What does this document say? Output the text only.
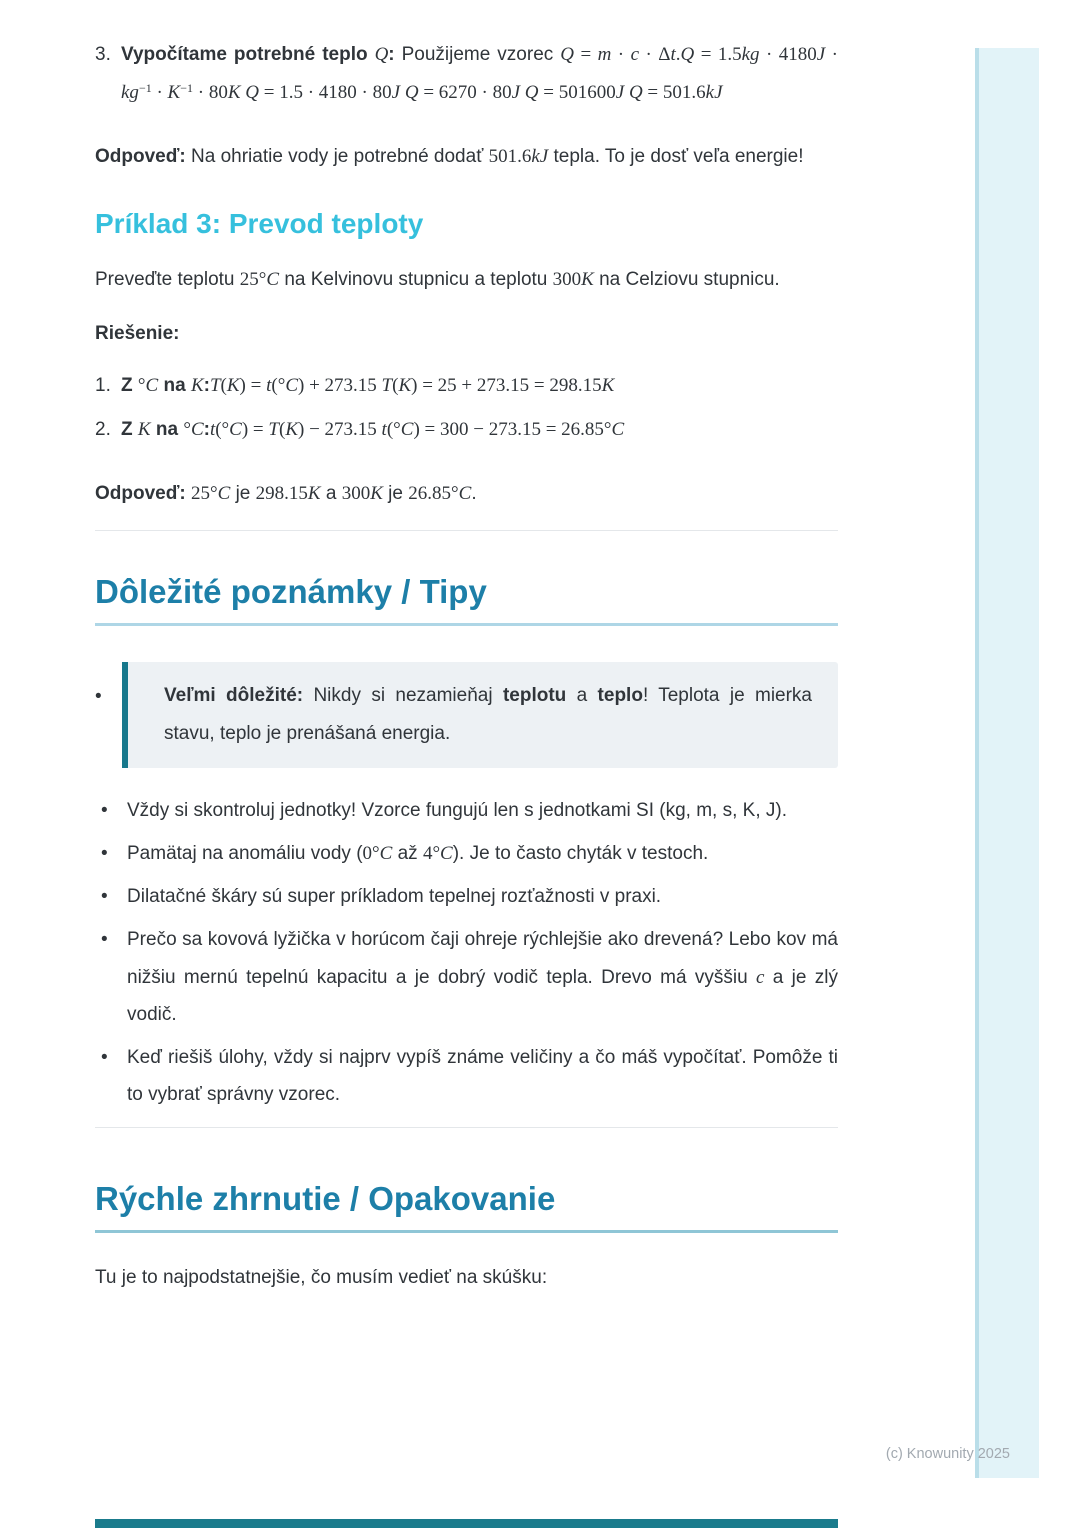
3. Vypočítame potrebné teplo Q: Použijeme vzorec $Q = m \cdot c \cdot \Delta t.Q = 1.5kg \cdot 4180J \cdot kg^{-1} \cdot K^{-1} \cdot 80K$ Q = 1.5 · 4180 · 80J Q = 6270 · 80J Q = 501600J Q = 501.6kJ

Odpoveď: Na ohriatie vody je potrebné dodať 501.6kJ tepla. To je dosť veľa energie!

Príklad 3: Prevod teploty

Preveďte teplotu 25°C na Kelvinovu stupnicu a teplotu 300K na Celziovu stupnicu.

Riešenie:

1. Z °C na K:T(K) = t(°C) + 273.15 T(K) = 25 + 273.15 = 298.15K
2. Z K na °C:t(°C) = T(K) − 273.15 t(°C) = 300 − 273.15 = 26.85°C

Odpoveď: 25°C je 298.15K a 300K je 26.85°C.

Dôležité poznámky / Tipy
•	Veľmi dôležité: Nikdy si nezamieňaj teplotu a teplo! Teplota je mierka stavu, teplo je prenášaná energia.
• Vždy si skontroluj jednotky! Vzorce fungujú len s jednotkami SI (kg, m, s, K, J).
• Pamätaj na anomáliu vody (0°C až 4°C). Je to často chyták v testoch.
• Dilatačné škáry sú super príkladom tepelnej rozťažnosti v praxi.
• Prečo sa kovová lyžička v horúcom čaji ohreje rýchlejšie ako drevená? Lebo kov má nižšiu mernú tepelnú kapacitu a je dobrý vodič tepla. Drevo má vyššiu c a je zlý vodič.
• Keď riešiš úlohy, vždy si najprv vypíš známe veličiny a čo máš vypočítať. Pomôže ti to vybrať správny vzorec.
Rýchle zhrnutie / Opakovanie

Tu je to najpodstatnejšie, čo musím vedieť na skúšku:

(c) Knowunity 2025
